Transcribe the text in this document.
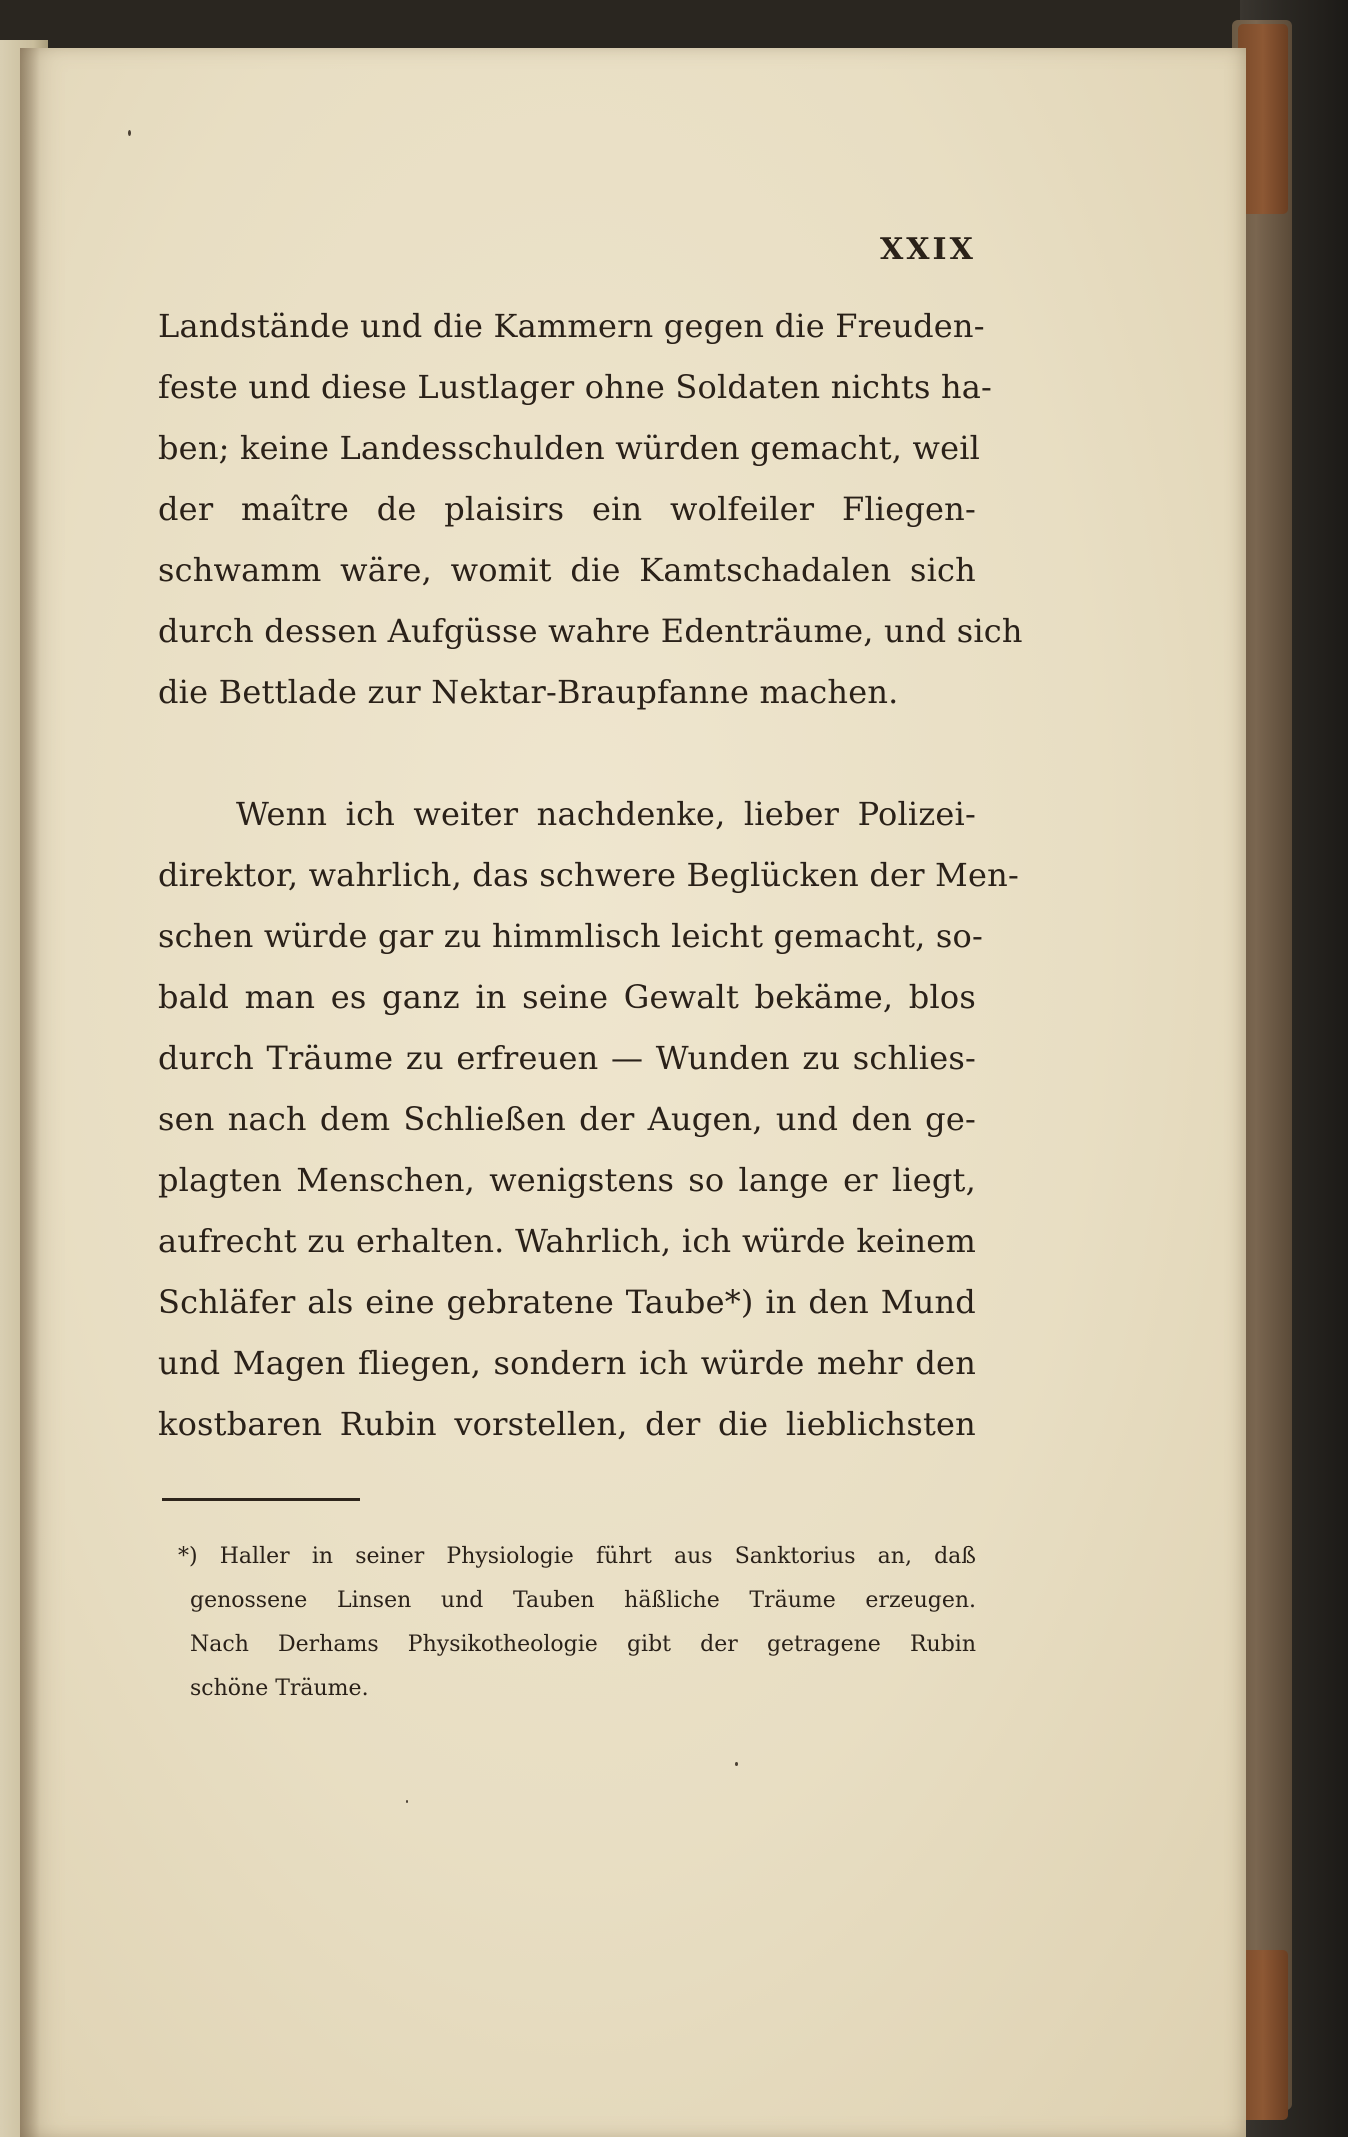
XXIX
Landstände und die Kammern gegen die Freuden-
feste und diese Lustlager ohne Soldaten nichts ha-
ben; keine Landesschulden würden gemacht, weil
der maître de plaisirs ein wolfeiler Fliegen-
schwamm wäre, womit die Kamtschadalen sich
durch dessen Aufgüsse wahre Edenträume, und sich
die Bettlade zur Nektar-Braupfanne machen.
Wenn ich weiter nachdenke, lieber Polizei-
direktor, wahrlich, das schwere Beglücken der Men-
schen würde gar zu himmlisch leicht gemacht, so-
bald man es ganz in seine Gewalt bekäme, blos
durch Träume zu erfreuen — Wunden zu schlies-
sen nach dem Schließen der Augen, und den ge-
plagten Menschen, wenigstens so lange er liegt,
aufrecht zu erhalten. Wahrlich, ich würde keinem
Schläfer als eine gebratene Taube*) in den Mund
und Magen fliegen, sondern ich würde mehr den
kostbaren Rubin vorstellen, der die lieblichsten
*) Haller in seiner Physiologie führt aus Sanktorius an, daß
genossene Linsen und Tauben häßliche Träume erzeugen.
Nach Derhams Physikotheologie gibt der getragene Rubin
schöne Träume.
